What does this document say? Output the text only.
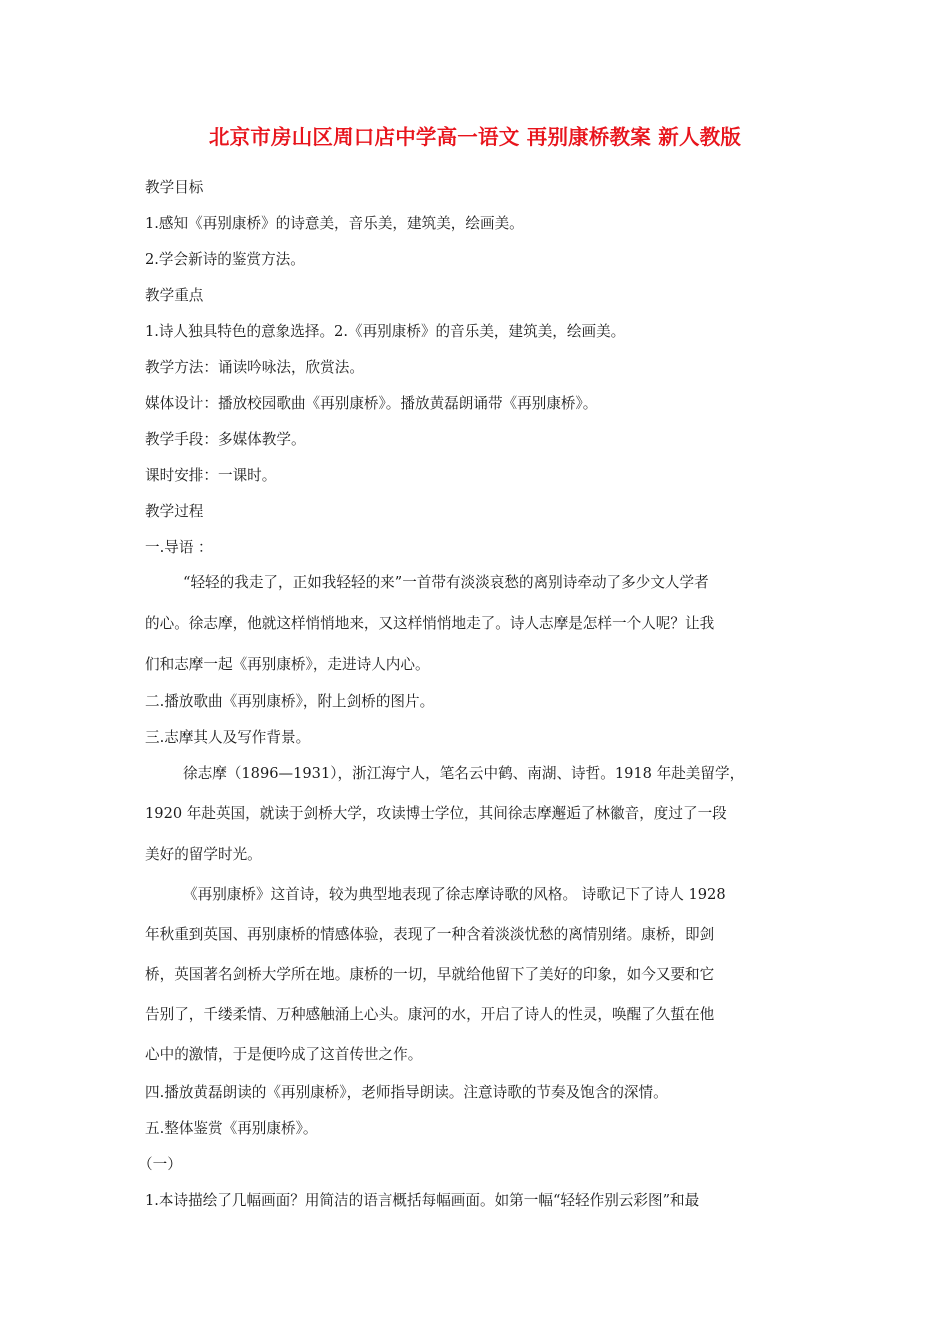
北京市房山区周口店中学高一语文 再别康桥教案 新人教版
教学目标
1.感知《再别康桥》的诗意美，音乐美，建筑美，绘画美。
2.学会新诗的鉴赏方法。
教学重点
1.诗人独具特色的意象选择。2.《再别康桥》的音乐美，建筑美，绘画美。
教学方法：诵读吟咏法，欣赏法。
媒体设计：播放校园歌曲《再别康桥》。播放黄磊朗诵带《再别康桥》。
教学手段：多媒体教学。
课时安排：一课时。
教学过程
一.导语 ：
“轻轻的我走了，正如我轻轻的来”一首带有淡淡哀愁的离别诗牵动了多少文人学者
的心。徐志摩，他就这样悄悄地来，又这样悄悄地走了。诗人志摩是怎样一个人呢？让我
们和志摩一起《再别康桥》，走进诗人内心。
二.播放歌曲《再别康桥》，附上剑桥的图片。
三.志摩其人及写作背景。
徐志摩（1896—1931），浙江海宁人，笔名云中鹤、南湖、诗哲。1918 年赴美留学，
1920 年赴英国，就读于剑桥大学，攻读博士学位，其间徐志摩邂逅了林徽音，度过了一段
美好的留学时光。
《再别康桥》这首诗，较为典型地表现了徐志摩诗歌的风格。 诗歌记下了诗人 1928
年秋重到英国、再别康桥的情感体验，表现了一种含着淡淡忧愁的离情别绪。康桥，即剑
桥，英国著名剑桥大学所在地。康桥的一切，早就给他留下了美好的印象，如今又要和它
告别了，千缕柔情、万种感触涌上心头。康河的水，开启了诗人的性灵，唤醒了久蜇在他
心中的激情，于是便吟成了这首传世之作。
四.播放黄磊朗读的《再别康桥》，老师指导朗读。注意诗歌的节奏及饱含的深情。
五.整体鉴赏《再别康桥》。
（一）
1.本诗描绘了几幅画面？用简洁的语言概括每幅画面。如第一幅“轻轻作别云彩图”和最
